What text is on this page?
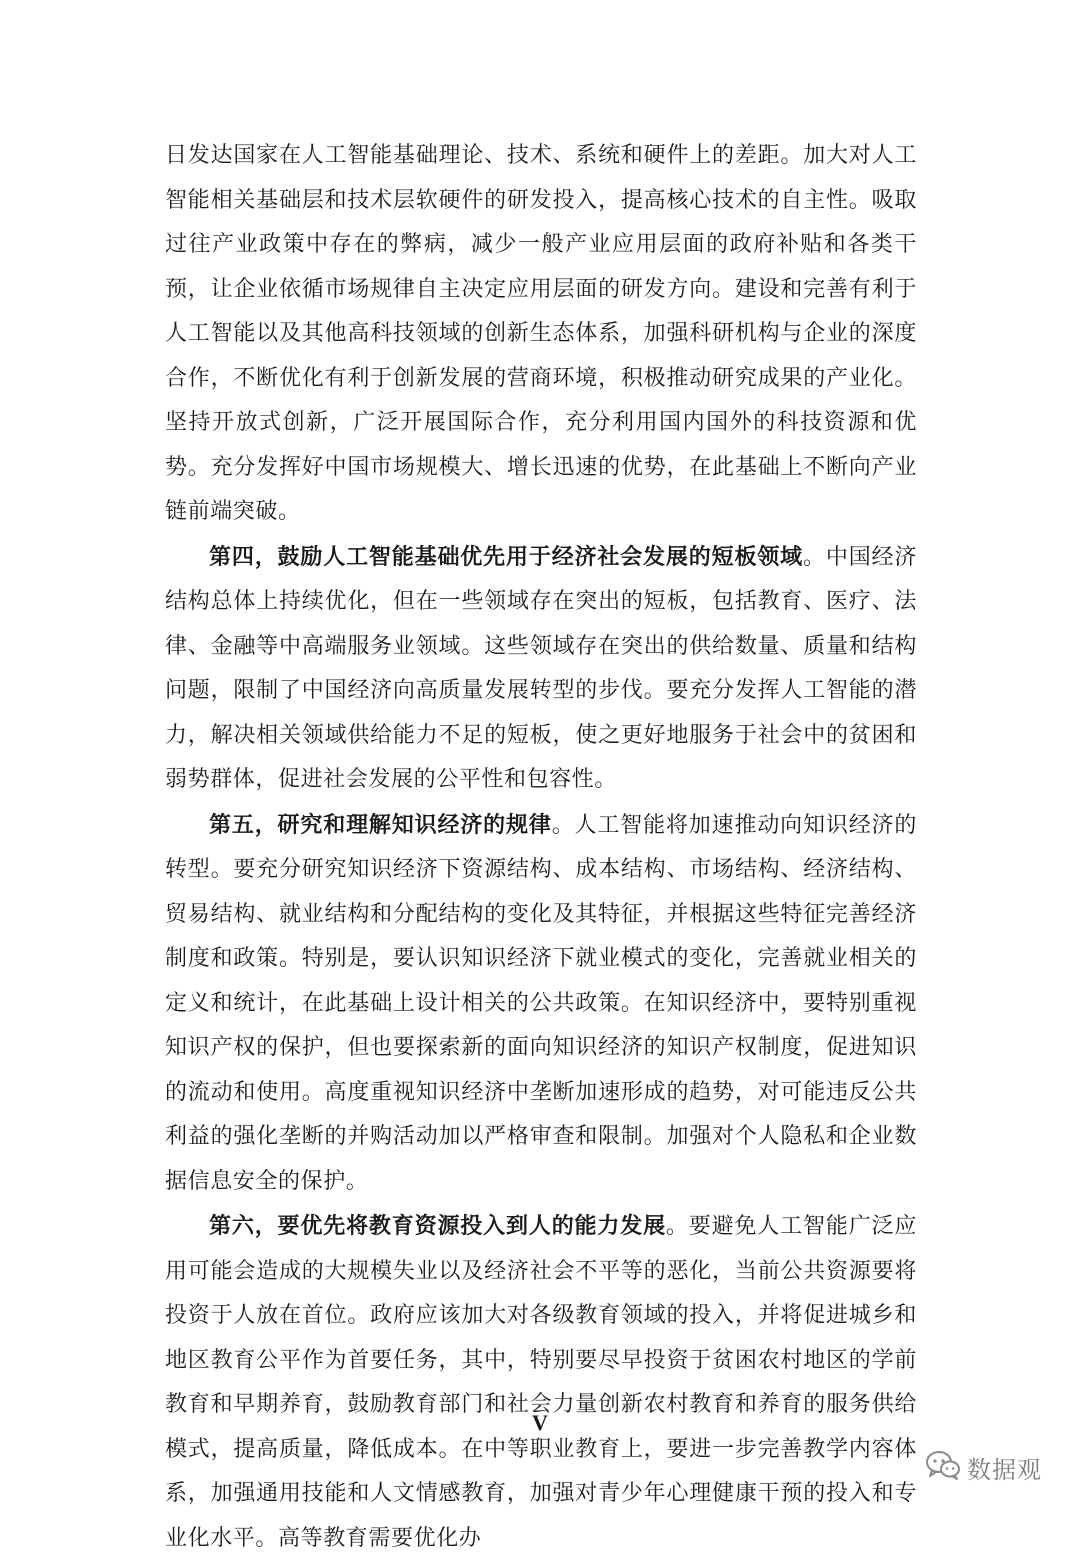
日发达国家在人工智能基础理论、技术、系统和硬件上的差距。加大对人工智能相关基础层和技术层软硬件的研发投入，提高核心技术的自主性。吸取过往产业政策中存在的弊病，减少一般产业应用层面的政府补贴和各类干预，让企业依循市场规律自主决定应用层面的研发方向。建设和完善有利于人工智能以及其他高科技领域的创新生态体系，加强科研机构与企业的深度合作，不断优化有利于创新发展的营商环境，积极推动研究成果的产业化。坚持开放式创新，广泛开展国际合作，充分利用国内国外的科技资源和优势。充分发挥好中国市场规模大、增长迅速的优势，在此基础上不断向产业链前端突破。

第四，鼓励人工智能基础优先用于经济社会发展的短板领域。中国经济结构总体上持续优化，但在一些领域存在突出的短板，包括教育、医疗、法律、金融等中高端服务业领域。这些领域存在突出的供给数量、质量和结构问题，限制了中国经济向高质量发展转型的步伐。要充分发挥人工智能的潜力，解决相关领域供给能力不足的短板，使之更好地服务于社会中的贫困和弱势群体，促进社会发展的公平性和包容性。

第五，研究和理解知识经济的规律。人工智能将加速推动向知识经济的转型。要充分研究知识经济下资源结构、成本结构、市场结构、经济结构、贸易结构、就业结构和分配结构的变化及其特征，并根据这些特征完善经济制度和政策。特别是，要认识知识经济下就业模式的变化，完善就业相关的定义和统计，在此基础上设计相关的公共政策。在知识经济中，要特别重视知识产权的保护，但也要探索新的面向知识经济的知识产权制度，促进知识的流动和使用。高度重视知识经济中垄断加速形成的趋势，对可能违反公共利益的强化垄断的并购活动加以严格审查和限制。加强对个人隐私和企业数据信息安全的保护。

第六，要优先将教育资源投入到人的能力发展。要避免人工智能广泛应用可能会造成的大规模失业以及经济社会不平等的恶化，当前公共资源要将投资于人放在首位。政府应该加大对各级教育领域的投入，并将促进城乡和地区教育公平作为首要任务，其中，特别要尽早投资于贫困农村地区的学前教育和早期养育，鼓励教育部门和社会力量创新农村教育和养育的服务供给模式，提高质量，降低成本。在中等职业教育上，要进一步完善教学内容体系，加强通用技能和人文情感教育，加强对青少年心理健康干预的投入和专业化水平。高等教育需要优化办

V
数据观
